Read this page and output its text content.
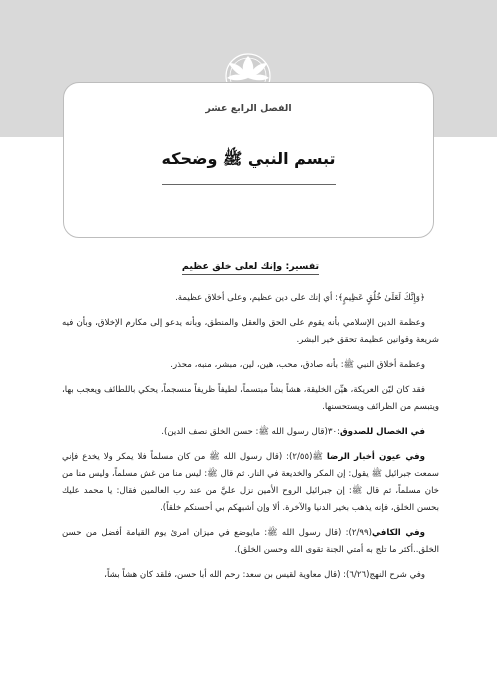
الفصل الرابع عشر
تبسم النبي ﷺ وضحكه
تفسير: وإنك لعلى خلق عظيم

﴿وَإِنَّكَ لَعَلَىٰ خُلُقٍ عَظِيمٍ﴾: أي إنك على دين عظيم، وعلى أخلاق عظيمة.

وعظمة الدين الإسلامي بأنه يقوم على الحق والعقل والمنطق، وبأنه يدعو إلى مكارم الإخلاق، وبأن فيه شريعة وقوانين عظيمة تحقق خير البشر.

وعظمة أخلاق النبي ﷺ: بأنه صادق، محب، هين، لين، مبشر، منبه، محذر.

فقد كان ليّن العريكة، هيِّن الخليقة، هشاً بشاً مبتسماً، لطيفاً ظريفاً منسجماً، يحكي باللطائف ويعجب بها، ويتبسم من الظرائف ويستحسنها.

في الخصال للصدوق:٣٠(قال رسول الله ﷺ: حسن الخلق نصف الدين).

وفي عيون أخبار الرضا ﷺ(٢/٥٥): (قال رسول الله ﷺ من كان مسلماً فلا يمكر ولا يخدع فإني سمعت جبرائيل ﷺ يقول: إن المكر والخديعة في النار. ثم قال ﷺ: ليس منا من غش مسلماً، وليس منا من خان مسلماً، ثم قال ﷺ: إن جبرائيل الروح الأمين نزل عليَّ من عند رب العالمين فقال: يا محمد عليك بحسن الخلق، فإنه يذهب بخير الدنيا والآخرة. ألا وإن أشبهكم بي أحسنكم خلقاً).

وفي الكافي(٢/٩٩): (قال رسول الله ﷺ: مايوضع في ميزان امرئ يوم القيامة أفضل من حسن الخلق..أكثر ما تلج به أمتي الجنة تقوى الله وحسن الخلق).

وفي شرح النهج(٦/٢٦): (قال معاوية لقيس بن سعد: رحم الله أبا حسن، فلقد كان هشاً بشاً،
